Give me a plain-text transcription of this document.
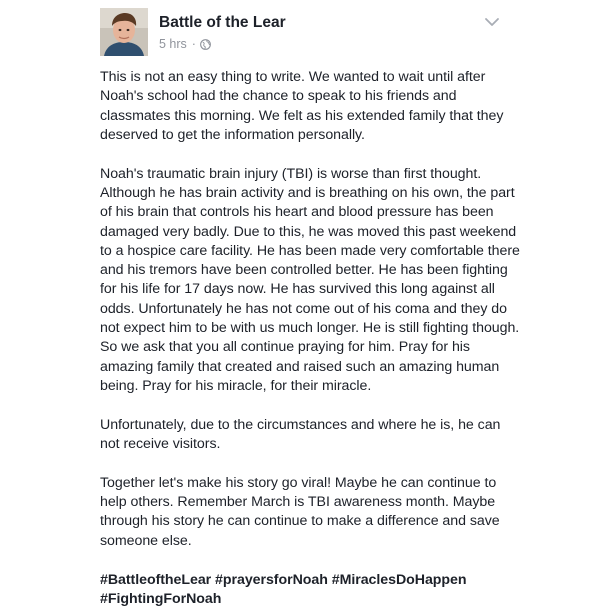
Battle of the Lear
5 hrs ·

This is not an easy thing to write. We wanted to wait until after Noah's school had the chance to speak to his friends and classmates this morning. We felt as his extended family that they deserved to get the information personally.

Noah's traumatic brain injury (TBI) is worse than first thought. Although he has brain activity and is breathing on his own, the part of his brain that controls his heart and blood pressure has been damaged very badly. Due to this, he was moved this past weekend to a hospice care facility. He has been made very comfortable there and his tremors have been controlled better. He has been fighting for his life for 17 days now. He has survived this long against all odds. Unfortunately he has not come out of his coma and they do not expect him to be with us much longer. He is still fighting though. So we ask that you all continue praying for him. Pray for his amazing family that created and raised such an amazing human being. Pray for his miracle, for their miracle.

Unfortunately, due to the circumstances and where he is, he can not receive visitors.

Together let's make his story go viral! Maybe he can continue to help others. Remember March is TBI awareness month. Maybe through his story he can continue to make a difference and save someone else.

#BattleoftheLear #prayersforNoah #MiraclesDoHappen
#FightingForNoah
